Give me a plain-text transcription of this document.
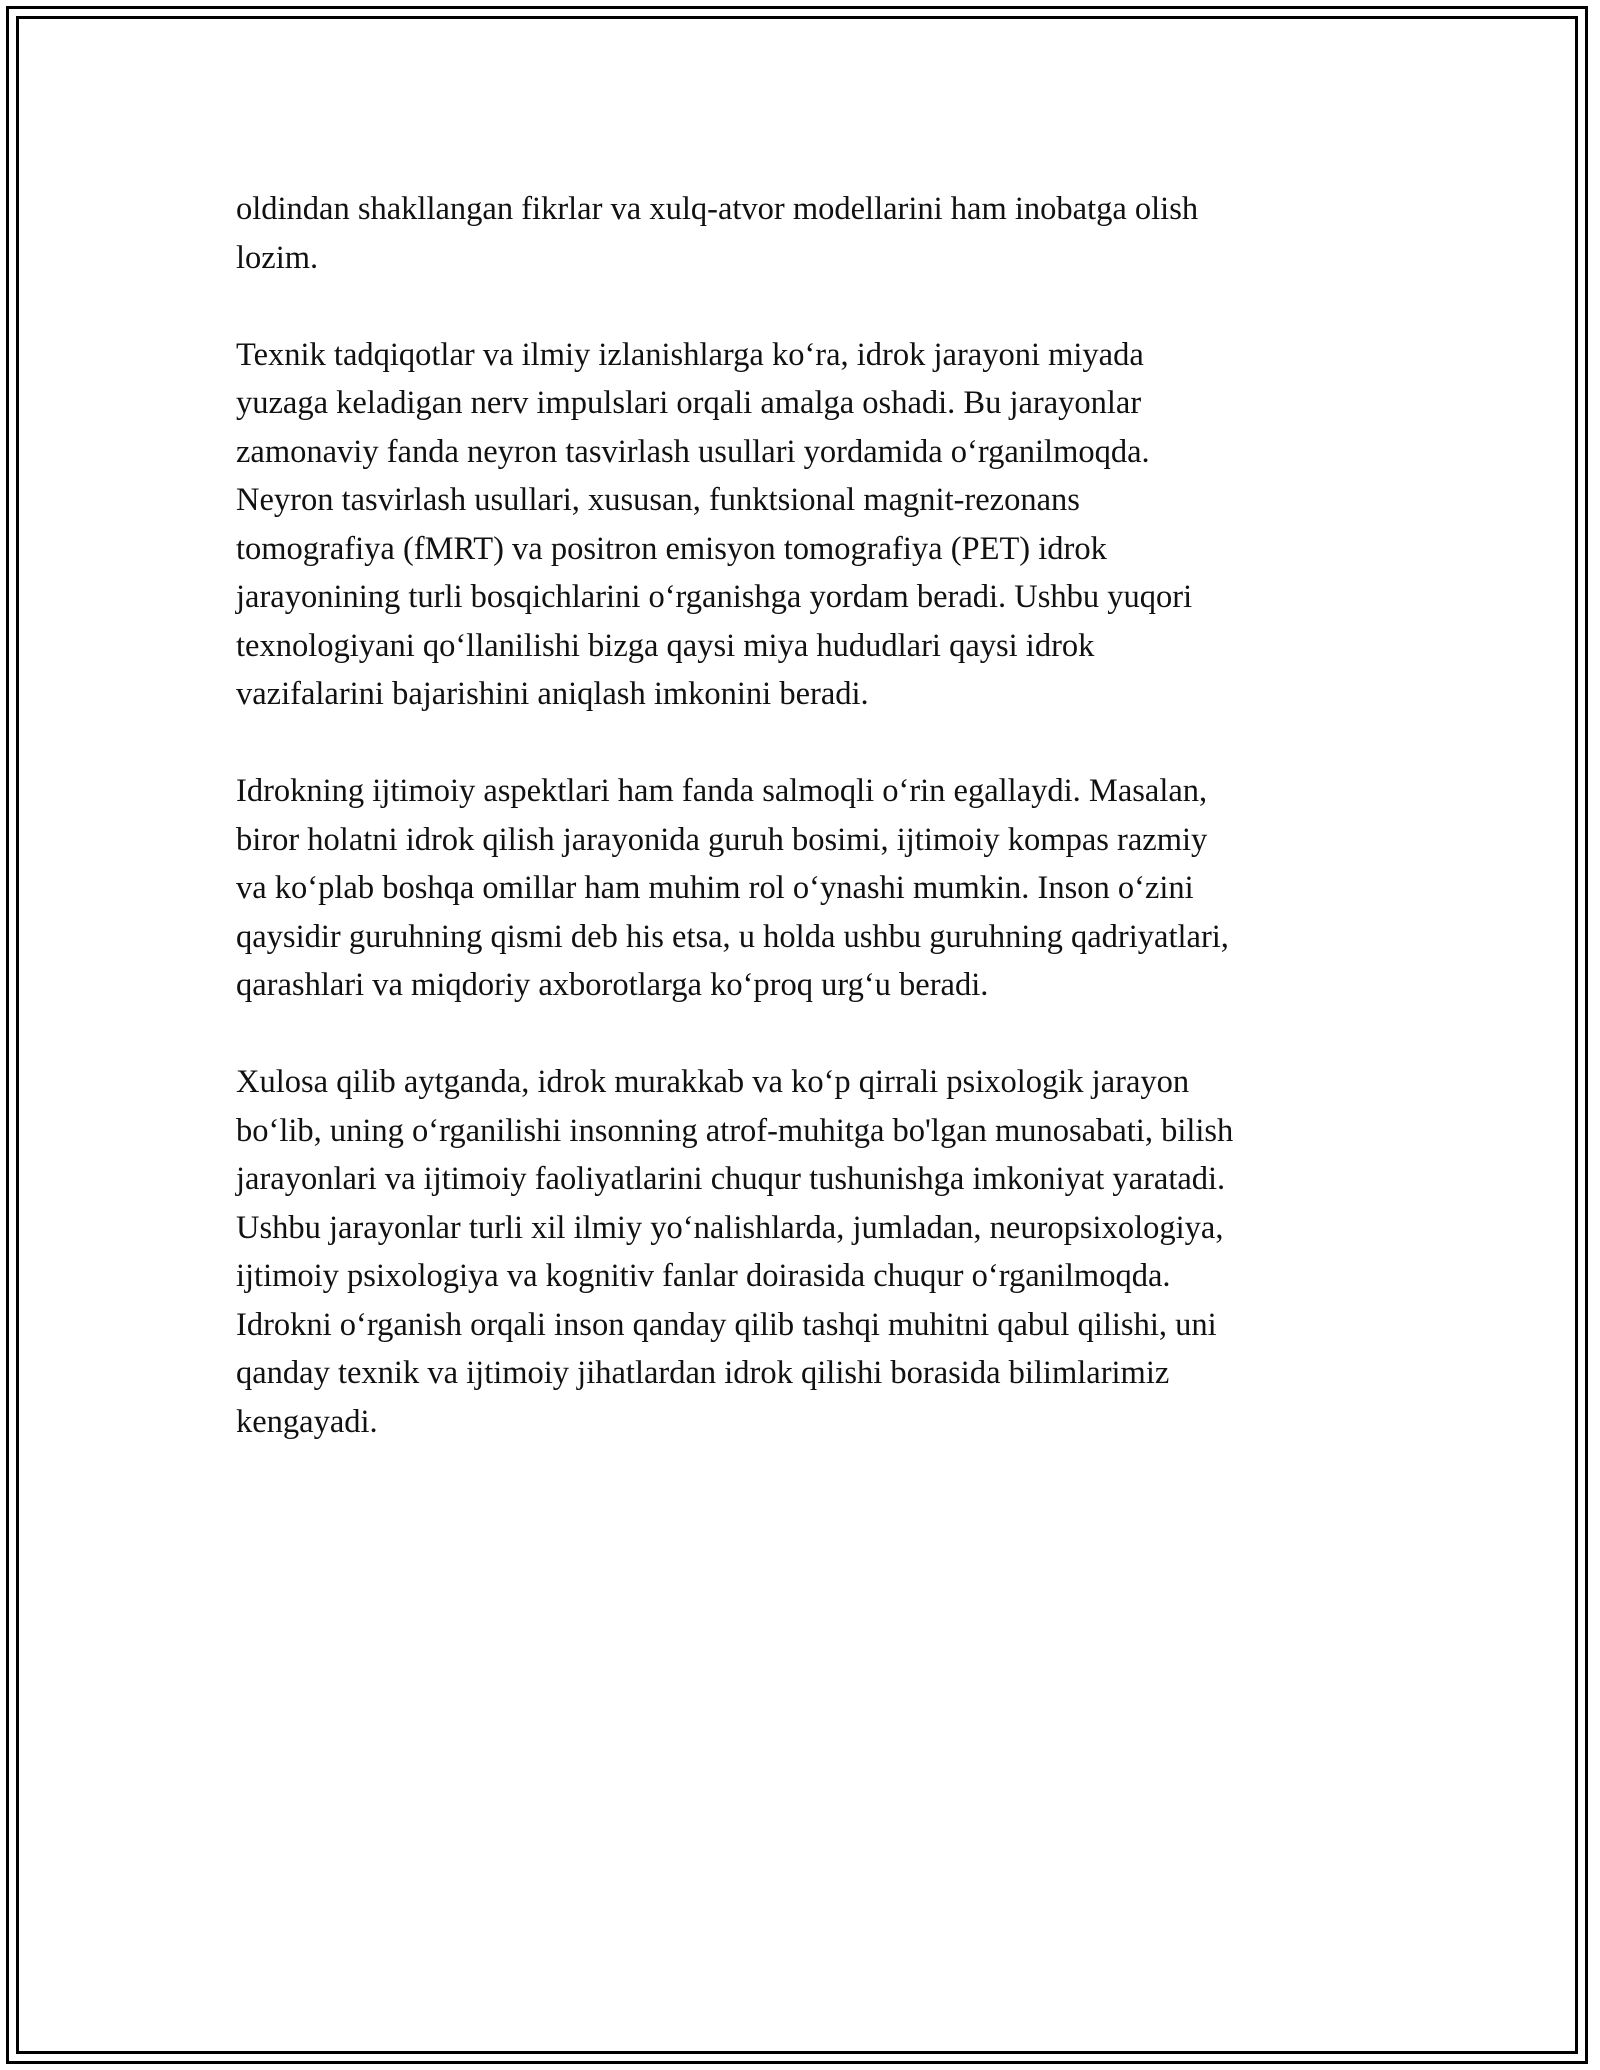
oldindan shakllangan fikrlar va xulq-atvor modellarini ham inobatga olish
lozim.

Texnik tadqiqotlar va ilmiy izlanishlarga koʻra, idrok jarayoni miyada
yuzaga keladigan nerv impulslari orqali amalga oshadi. Bu jarayonlar
zamonaviy fanda neyron tasvirlash usullari yordamida oʻrganilmoqda.
Neyron tasvirlash usullari, xususan, funktsional magnit-rezonans
tomografiya (fMRT) va positron emisyon tomografiya (PET) idrok
jarayonining turli bosqichlarini oʻrganishga yordam beradi. Ushbu yuqori
texnologiyani qoʻllanilishi bizga qaysi miya hududlari qaysi idrok
vazifalarini bajarishini aniqlash imkonini beradi.

Idrokning ijtimoiy aspektlari ham fanda salmoqli oʻrin egallaydi. Masalan,
biror holatni idrok qilish jarayonida guruh bosimi, ijtimoiy kompas razmiy
va koʻplab boshqa omillar ham muhim rol oʻynashi mumkin. Inson oʻzini
qaysidir guruhning qismi deb his etsa, u holda ushbu guruhning qadriyatlari,
qarashlari va miqdoriy axborotlarga koʻproq urgʻu beradi.

Xulosa qilib aytganda, idrok murakkab va koʻp qirrali psixologik jarayon
boʻlib, uning oʻrganilishi insonning atrof-muhitga bo'lgan munosabati, bilish
jarayonlari va ijtimoiy faoliyatlarini chuqur tushunishga imkoniyat yaratadi.
Ushbu jarayonlar turli xil ilmiy yoʻnalishlarda, jumladan, neuropsixologiya,
ijtimoiy psixologiya va kognitiv fanlar doirasida chuqur oʻrganilmoqda.
Idrokni oʻrganish orqali inson qanday qilib tashqi muhitni qabul qilishi, uni
qanday texnik va ijtimoiy jihatlardan idrok qilishi borasida bilimlarimiz
kengayadi.
